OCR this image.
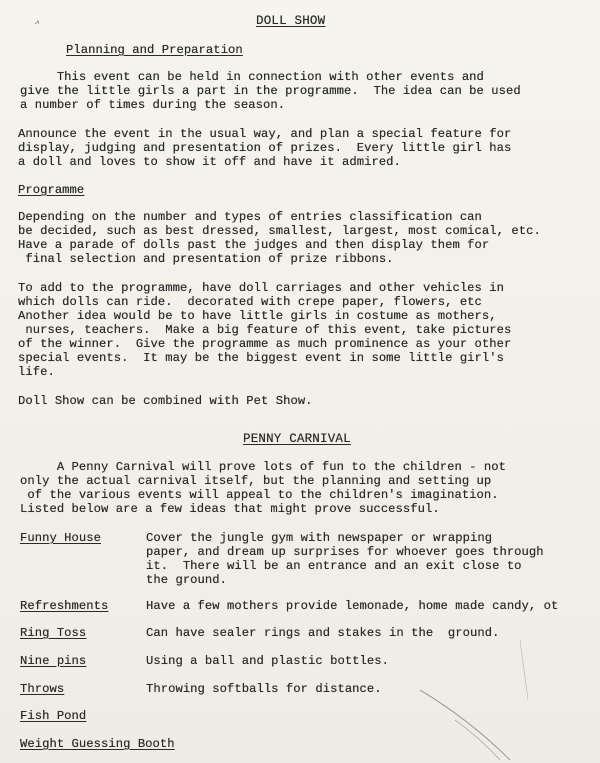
DOLL SHOW
Planning and Preparation
This event can be held in connection with other events and
give the little girls a part in the programme.  The idea can be used
a number of times during the season.
Announce the event in the usual way, and plan a special feature for
display, judging and presentation of prizes.  Every little girl has
a doll and loves to show it off and have it admired.
Programme
Depending on the number and types of entries classification can
be decided, such as best dressed, smallest, largest, most comical, etc.
Have a parade of dolls past the judges and then display them for
final selection and presentation of prize ribbons.
To add to the programme, have doll carriages and other vehicles in
which dolls can ride.  decorated with crepe paper, flowers, etc
Another idea would be to have little girls in costume as mothers,
nurses, teachers.  Make a big feature of this event, take pictures
of the winner.  Give the programme as much prominence as your other
special events.  It may be the biggest event in some little girl's
life.
Doll Show can be combined with Pet Show.
PENNY CARNIVAL
A Penny Carnival will prove lots of fun to the children - not
only the actual carnival itself, but the planning and setting up
of the various events will appeal to the children's imagination.
Listed below are a few ideas that might prove successful.
Funny House	Cover the jungle gym with newspaper or wrapping
paper, and dream up surprises for whoever goes through
it.  There will be an entrance and an exit close to
the ground.
Refreshments	Have a few mothers provide lemonade, home made candy, ot
Ring Toss	Can have sealer rings and stakes in the  ground.
Nine pins	Using a ball and plastic bottles.
Throws	Throwing softballs for distance.
Fish Pond
Weight Guessing Booth
